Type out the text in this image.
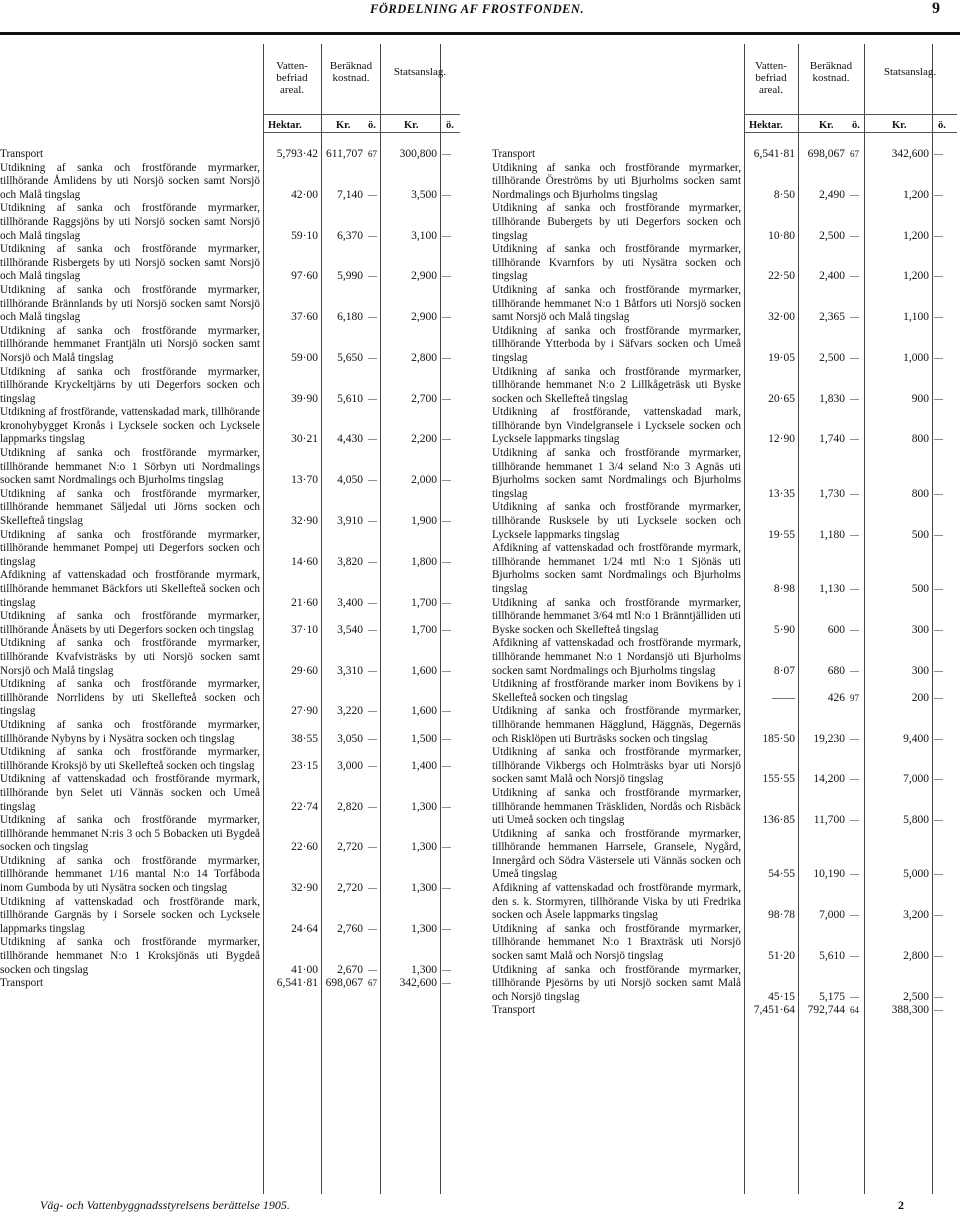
FÖRDELNING AF FROSTFONDEN.	9
Vatten-befriad areal.
Beräknad kostnad.	Statsanslag.
Hektar.	Kr. ö.	Kr.	ö.
Transport	5,793·42	611,707	67	300,800	—
Utdikning af sanka och frostförande myrmarker, tillhörande Åmlidens by uti Norsjö socken samt Norsjö och Malå tingslag	42·00	7,140	—	3,500	—
Utdikning af sanka och frostförande myrmarker, tillhörande Raggsjöns by uti Norsjö socken samt Norsjö och Malå tingslag	59·10	6,370	—	3,100	—
Utdikning af sanka och frostförande myrmarker, tillhörande Risbergets by uti Norsjö socken samt Norsjö och Malå tingslag	97·60	5,990	—	2,900	—
Utdikning af sanka och frostförande myrmarker, tillhörande Brännlands by uti Norsjö socken samt Norsjö och Malå tingslag	37·60	6,180	—	2,900	—
Utdikning af sanka och frostförande myrmarker, tillhörande hemmanet Frantjäln uti Norsjö socken samt Norsjö och Malå tingslag	59·00	5,650	—	2,800	—
Utdikning af sanka och frostförande myrmarker, tillhörande Kryckeltjärns by uti Degerfors socken och tingslag	39·90	5,610	—	2,700	—
Utdikning af frostförande, vattenskadad mark, tillhörande kronohybygget Kronås i Lycksele socken och Lycksele lappmarks tingslag	30·21	4,430	—	2,200	—
Utdikning af sanka och frostförande myrmarker, tillhörande hemmanet N:o 1 Sörbyn uti Nordmalings socken samt Nordmalings och Bjurholms tingslag	13·70	4,050	—	2,000	—
Utdikning af sanka och frostförande myrmarker, tillhörande hemmanet Säljedal uti Jörns socken och Skellefteå tingslag	32·90	3,910	—	1,900	—
Utdikning af sanka och frostförande myrmarker, tillhörande hemmanet Pompej uti Degerfors socken och tingslag	14·60	3,820	—	1,800	—
Afdikning af vattenskadad och frostförande myrmark, tillhörande hemmanet Bäckfors uti Skellefteå socken och tingslag	21·60	3,400	—	1,700	—
Utdikning af sanka och frostförande myrmarker, tillhörande Ånäsets by uti Degerfors socken och tingslag	37·10	3,540	—	1,700	—
Utdikning af sanka och frostförande myrmarker, tillhörande Kvafvisträsks by uti Norsjö socken samt Norsjö och Malå tingslag	29·60	3,310	—	1,600	—
Utdikning af sanka och frostförande myrmarker, tillhörande Norrlidens by uti Skellefteå socken och tingslag	27·90	3,220	—	1,600	—
Utdikning af sanka och frostförande myrmarker, tillhörande Nybyns by i Nysätra socken och tingslag	38·55	3,050	—	1,500	—
Utdikning af sanka och frostförande myrmarker, tillhörande Kroksjö by uti Skellefteå socken och tingslag	23·15	3,000	—	1,400	—
Utdikning af vattenskadad och frostförande myrmark, tillhörande byn Selet uti Vännäs socken och Umeå tingslag	22·74	2,820	—	1,300	—
Utdikning af sanka och frostförande myrmarker, tillhörande hemmanet N:ris 3 och 5 Bobacken uti Bygdeå socken och tingslag	22·60	2,720	—	1,300	—
Utdikning af sanka och frostförande myrmarker, tillhörande hemmanet 1/16 mantal N:o 14 Torfåboda inom Gumboda by uti Nysätra socken och tingslag	32·90	2,720	—	1,300	—
Utdikning af vattenskadad och frostförande mark, tillhörande Gargnäs by i Sorsele socken och Lycksele lappmarks tingslag	24·64	2,760	—	1,300	—
Utdikning af sanka och frostförande myrmarker, tillhörande hemmanet N:o 1 Kroksjönäs uti Bygdeå socken och tingslag	41·00	2,670	—	1,300	—
Transport	6,541·81	698,067	67	342,600	—
Vatten-befriad areal.
Beräknad kostnad.	Statsanslag.
Hektar.	Kr. ö.	Kr.	ö.
Transport	6,541·81	698,067	67	342,600	—
Utdikning af sanka och frostförande myrmarker, tillhörande Öreströms by uti Bjurholms socken samt Nordmalings och Bjurholms tingslag	8·50	2,490	—	1,200	—
Utdikning af sanka och frostförande myrmarker, tillhörande Bubergets by uti Degerfors socken och tingslag	10·80	2,500	—	1,200	—
Utdikning af sanka och frostförande myrmarker, tillhörande Kvarnfors by uti Nysätra socken och tingslag	22·50	2,400	—	1,200	—
Utdikning af sanka och frostförande myrmarker, tillhörande hemmanet N:o 1 Båtfors uti Norsjö socken samt Norsjö och Malå tingslag	32·00	2,365	—	1,100	—
Utdikning af sanka och frostförande myrmarker, tillhörande Ytterboda by i Säfvars socken och Umeå tingslag	19·05	2,500	—	1,000	—
Utdikning af sanka och frostförande myrmarker, tillhörande hemmanet N:o 2 Lillkågeträsk uti Byske socken och Skellefteå tingslag	20·65	1,830	—	900	—
Utdikning af frostförande, vattenskadad mark, tillhörande byn Vindelgransele i Lycksele socken och Lycksele lappmarks tingslag	12·90	1,740	—	800	—
Utdikning af sanka och frostförande myrmarker, tillhörande hemmanet 1 3/4 seland N:o 3 Agnäs uti Bjurholms socken samt Nordmalings och Bjurholms tingslag	13·35	1,730	—	800	—
Utdikning af sanka och frostförande myrmarker, tillhörande Rusksele by uti Lycksele socken och Lycksele lappmarks tingslag	19·55	1,180	—	500	—
Afdikning af vattenskadad och frostförande myrmark, tillhörande hemmanet 1/24 mtl N:o 1 Sjönäs uti Bjurholms socken samt Nordmalings och Bjurholms tingslag	8·98	1,130	—	500	—
Utdikning af sanka och frostförande myrmarker, tillhörande hemmanet 3/64 mtl N:o 1 Bränntjälliden uti Byske socken och Skellefteå tingslag	5·90	600	—	300	—
Afdikning af vattenskadad och frostförande myrmark, tillhörande hemmanet N:o 1 Nordansjö uti Bjurholms socken samt Nordmalings och Bjurholms tingslag	8·07	680	—	300	—
Utdikning af frostförande marker inom Bovikens by i Skellefteå socken och tingslag	——	426	97	200	—
Utdikning af sanka och frostförande myrmarker, tillhörande hemmanen Hägglund, Häggnäs, Degernäs och Risklöpen uti Burträsks socken och tingslag	185·50	19,230	—	9,400	—
Utdikning af sanka och frostförande myrmarker, tillhörande Vikbergs och Holmträsks byar uti Norsjö socken samt Malå och Norsjö tingslag	155·55	14,200	—	7,000	—
Utdikning af sanka och frostförande myrmarker, tillhörande hemmanen Träskliden, Nordås och Risbäck uti Umeå socken och tingslag	136·85	11,700	—	5,800	—
Utdikning af sanka och frostförande myrmarker, tillhörande hemmanen Harrsele, Gransele, Nygård, Innergård och Södra Västersele uti Vännäs socken och Umeå tingslag	54·55	10,190	—	5,000	—
Afdikning af vattenskadad och frostförande myrmark, den s. k. Stormyren, tillhörande Viska by uti Fredrika socken och Åsele lappmarks tingslag	98·78	7,000	—	3,200	—
Utdikning af sanka och frostförande myrmarker, tillhörande hemmanet N:o 1 Braxträsk uti Norsjö socken samt Malå och Norsjö tingslag	51·20	5,610	—	2,800	—
Utdikning af sanka och frostförande myrmarker, tillhörande Pjesörns by uti Norsjö socken samt Malå och Norsjö tingslag	45·15	5,175	—	2,500	—
Transport	7,451·64	792,744	64	388,300	—
Väg- och Vattenbyggnadsstyrelsens berättelse 1905.	2
